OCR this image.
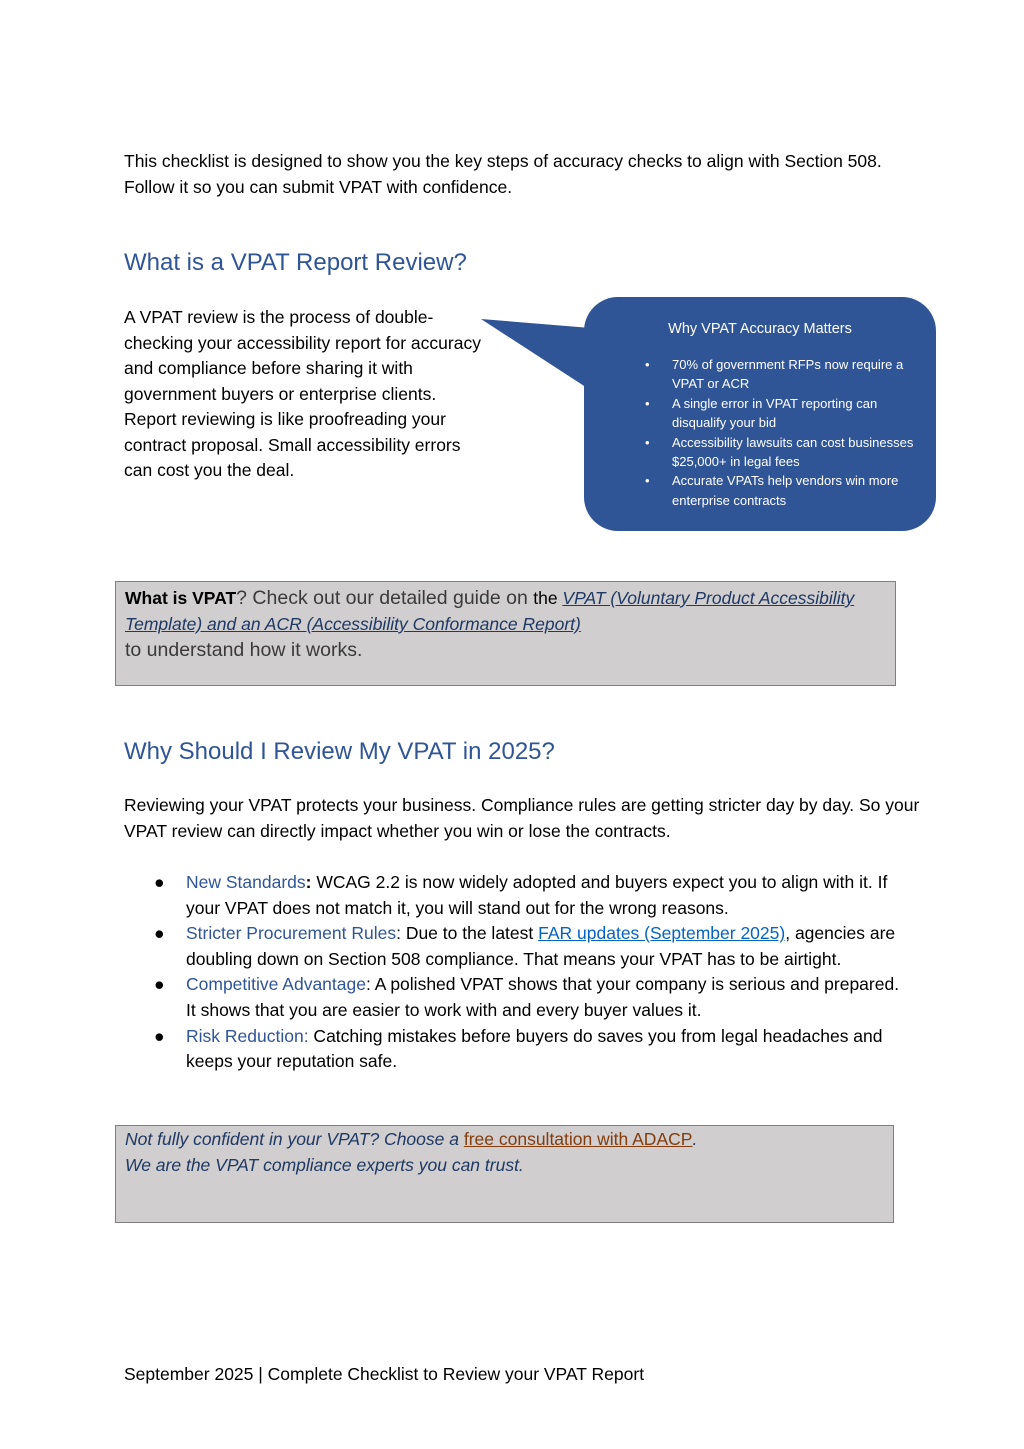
This checklist is designed to show you the key steps of accuracy checks to align with Section 508. Follow it so you can submit VPAT with confidence.
What is a VPAT Report Review?
A VPAT review is the process of double-checking your accessibility report for accuracy and compliance before sharing it with government buyers or enterprise clients. Report reviewing is like proofreading your contract proposal. Small accessibility errors can cost you the deal.
Why VPAT Accuracy Matters
• 70% of government RFPs now require a VPAT or ACR
• A single error in VPAT reporting can disqualify your bid
• Accessibility lawsuits can cost businesses $25,000+ in legal fees
• Accurate VPATs help vendors win more enterprise contracts
What is VPAT? Check out our detailed guide on the VPAT (Voluntary Product Accessibility Template) and an ACR (Accessibility Conformance Report)
to understand how it works.
Why Should I Review My VPAT in 2025?
Reviewing your VPAT protects your business. Compliance rules are getting stricter day by day. So your VPAT review can directly impact whether you win or lose the contracts.
● New Standards: WCAG 2.2 is now widely adopted and buyers expect you to align with it. If your VPAT does not match it, you will stand out for the wrong reasons.
● Stricter Procurement Rules: Due to the latest FAR updates (September 2025), agencies are doubling down on Section 508 compliance. That means your VPAT has to be airtight.
● Competitive Advantage: A polished VPAT shows that your company is serious and prepared. It shows that you are easier to work with and every buyer values it.
● Risk Reduction: Catching mistakes before buyers do saves you from legal headaches and keeps your reputation safe.
Not fully confident in your VPAT? Choose a free consultation with ADACP.
We are the VPAT compliance experts you can trust.
September 2025 | Complete Checklist to Review your VPAT Report
